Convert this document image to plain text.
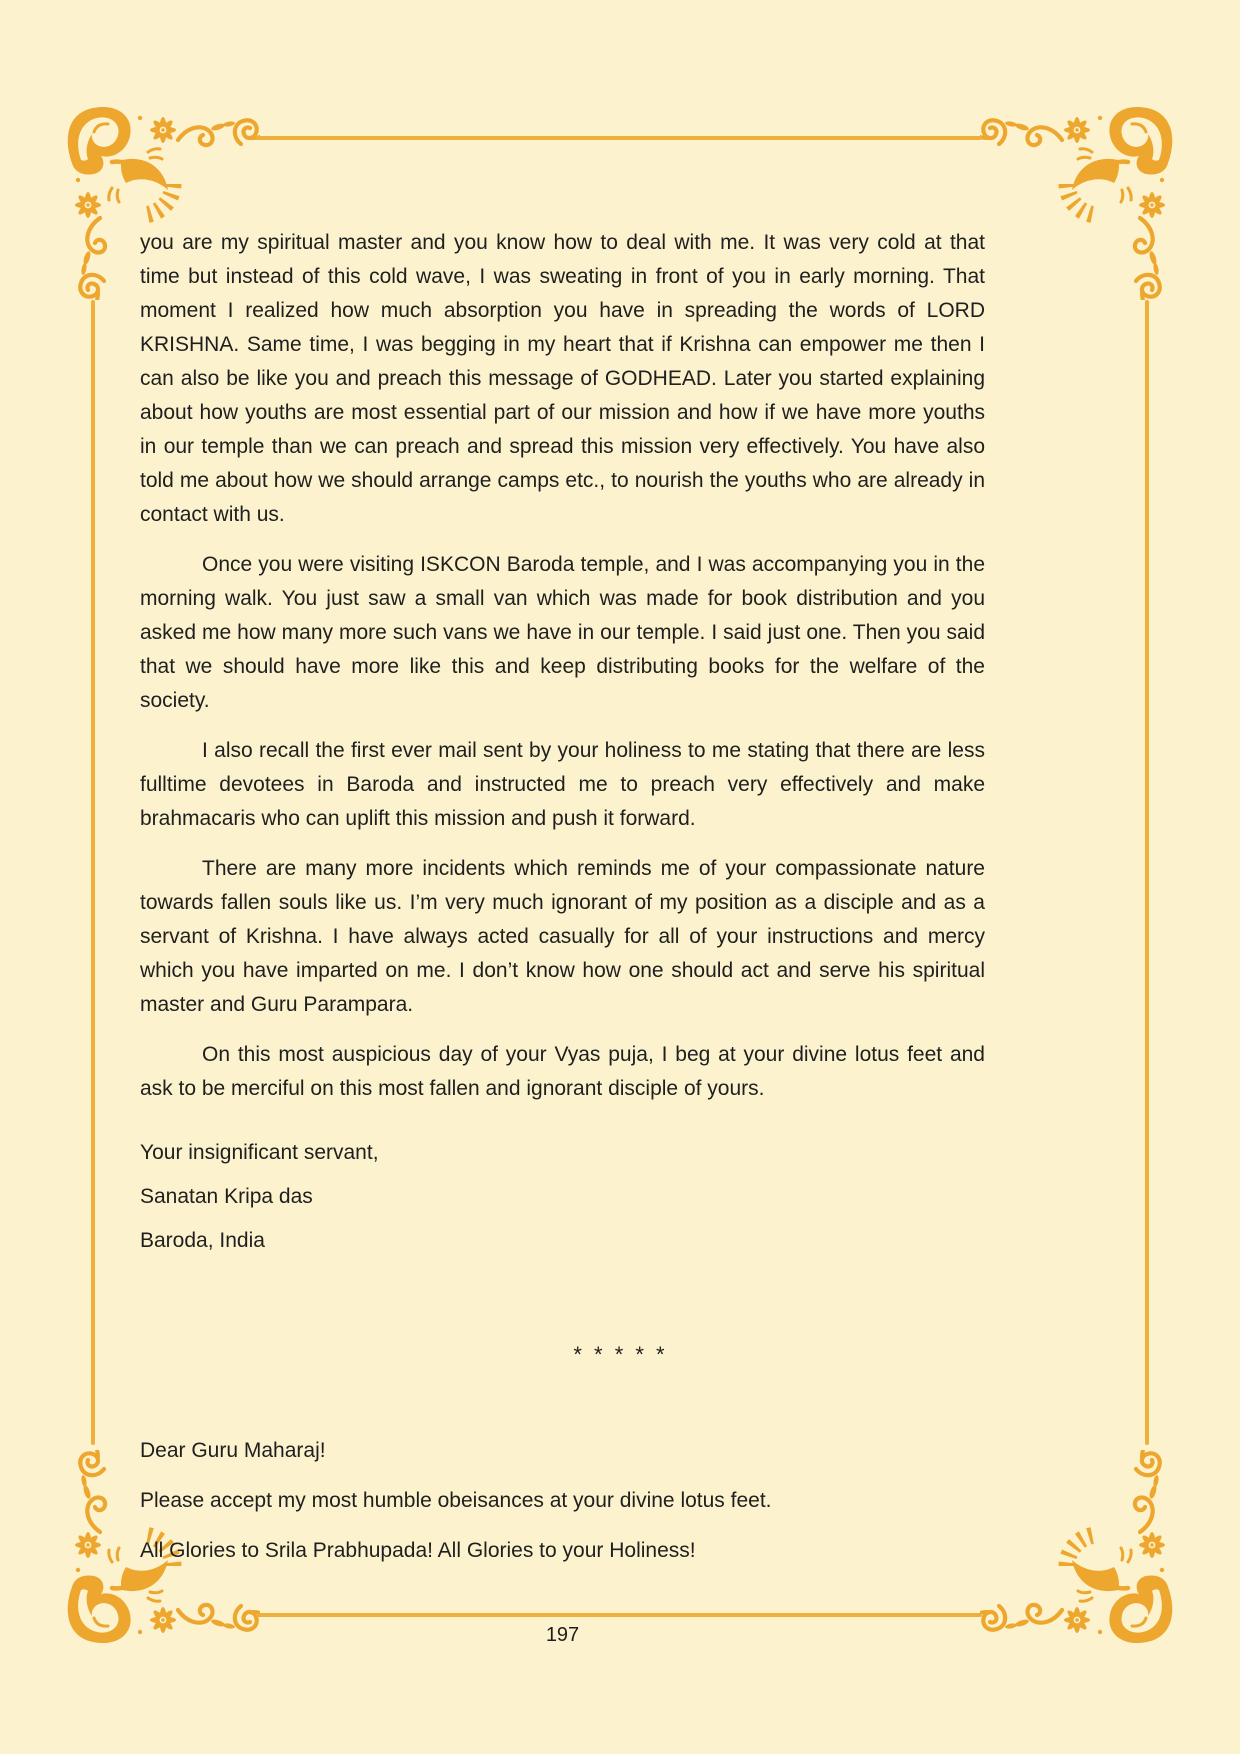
you are my spiritual master and you know how to deal with me. It was very cold at that time but instead of this cold wave, I was sweating in front of you in early morning. That moment I realized how much absorption you have in spreading the words of LORD KRISHNA. Same time, I was begging in my heart that if Krishna can empower me then I can also be like you and preach this message of GODHEAD. Later you started explaining about how youths are most essential part of our mission and how if we have more youths in our temple than we can preach and spread this mission very effectively. You have also told me about how we should arrange camps etc., to nourish the youths who are already in contact with us.

Once you were visiting ISKCON Baroda temple, and I was accompanying you in the morning walk. You just saw a small van which was made for book distribution and you asked me how many more such vans we have in our temple. I said just one. Then you said that we should have more like this and keep distributing books for the welfare of the society.

I also recall the first ever mail sent by your holiness to me stating that there are less fulltime devotees in Baroda and instructed me to preach very effectively and make brahmacaris who can uplift this mission and push it forward.

There are many more incidents which reminds me of your compassionate nature towards fallen souls like us. I’m very much ignorant of my position as a disciple and as a servant of Krishna. I have always acted casually for all of your instructions and mercy which you have imparted on me. I don’t know how one should act and serve his spiritual master and Guru Parampara.

On this most auspicious day of your Vyas puja, I beg at your divine lotus feet and ask to be merciful on this most fallen and ignorant disciple of yours.

Your insignificant servant,

Sanatan Kripa das

Baroda, India

* * * * *

Dear Guru Maharaj!

Please accept my most humble obeisances at your divine lotus feet.

All Glories to Srila Prabhupada! All Glories to your Holiness!

197
